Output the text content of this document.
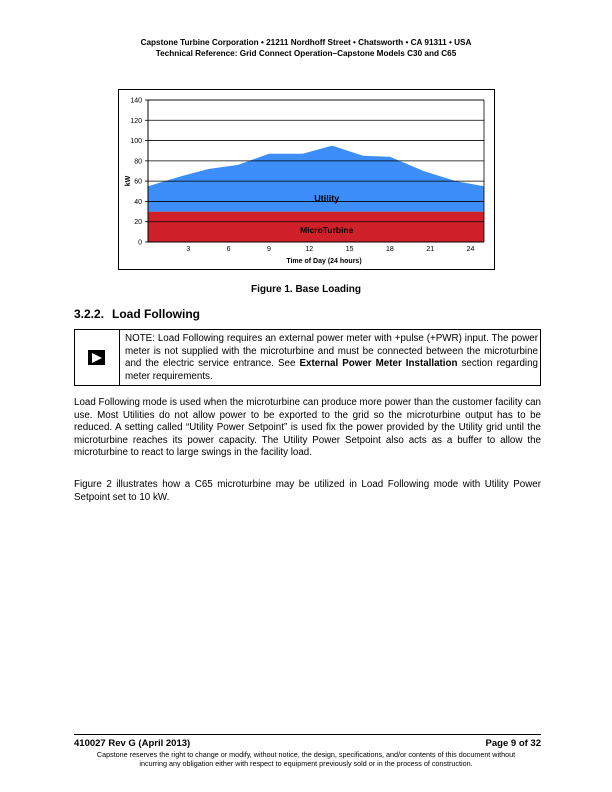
Capstone Turbine Corporation • 21211 Nordhoff Street • Chatsworth • CA 91311 • USA
Technical Reference: Grid Connect Operation–Capstone Models C30 and C65
0
20
40
60
80
100
120
140
3	6	9	12	15	18	21	24
Time of Day (24 hours)
kW
Utility
MicroTurbine
Figure 1. Base Loading
3.2.2. Load Following
NOTE: Load Following requires an external power meter with +pulse (+PWR) input. The power meter is not supplied with the microturbine and must be connected between the microturbine and the electric service entrance. See External Power Meter Installation section regarding meter requirements.
Load Following mode is used when the microturbine can produce more power than the customer facility can use. Most Utilities do not allow power to be exported to the grid so the microturbine output has to be reduced. A setting called “Utility Power Setpoint” is used fix the power provided by the Utility grid until the microturbine reaches its power capacity. The Utility Power Setpoint also acts as a buffer to allow the microturbine to react to large swings in the facility load.
Figure 2 illustrates how a C65 microturbine may be utilized in Load Following mode with Utility Power Setpoint set to 10 kW.
410027 Rev G (April 2013)	Page 9 of 32
Capstone reserves the right to change or modify, without notice, the design, specifications, and/or contents of this document without
incurring any obligation either with respect to equipment previously sold or in the process of construction.
